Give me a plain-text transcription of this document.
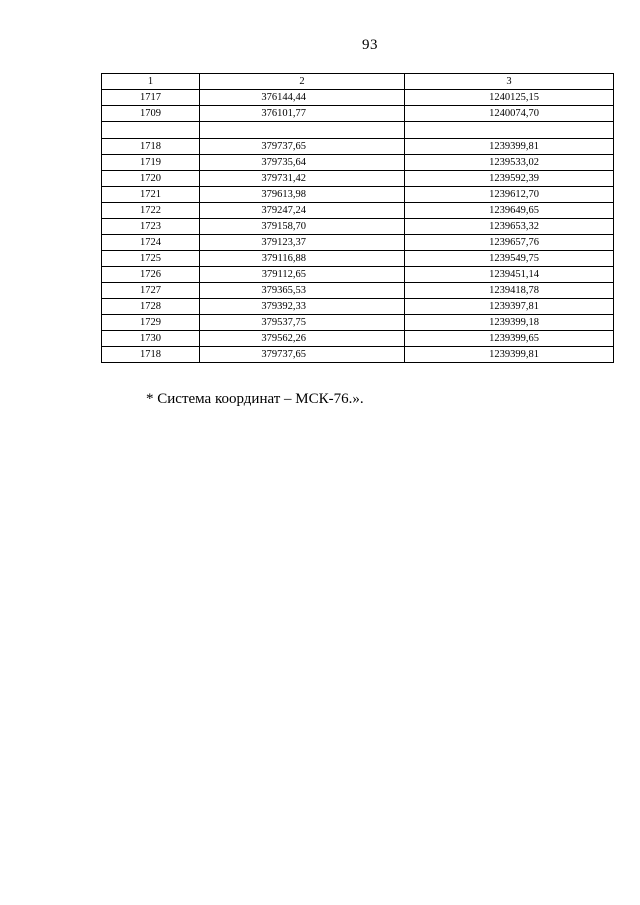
93
1	2	3
1717	376144,44	1240125,15
1709	376101,77	1240074,70

1718	379737,65	1239399,81
1719	379735,64	1239533,02
1720	379731,42	1239592,39
1721	379613,98	1239612,70
1722	379247,24	1239649,65
1723	379158,70	1239653,32
1724	379123,37	1239657,76
1725	379116,88	1239549,75
1726	379112,65	1239451,14
1727	379365,53	1239418,78
1728	379392,33	1239397,81
1729	379537,75	1239399,18
1730	379562,26	1239399,65
1718	379737,65	1239399,81
* Система координат – МСК-76.».
